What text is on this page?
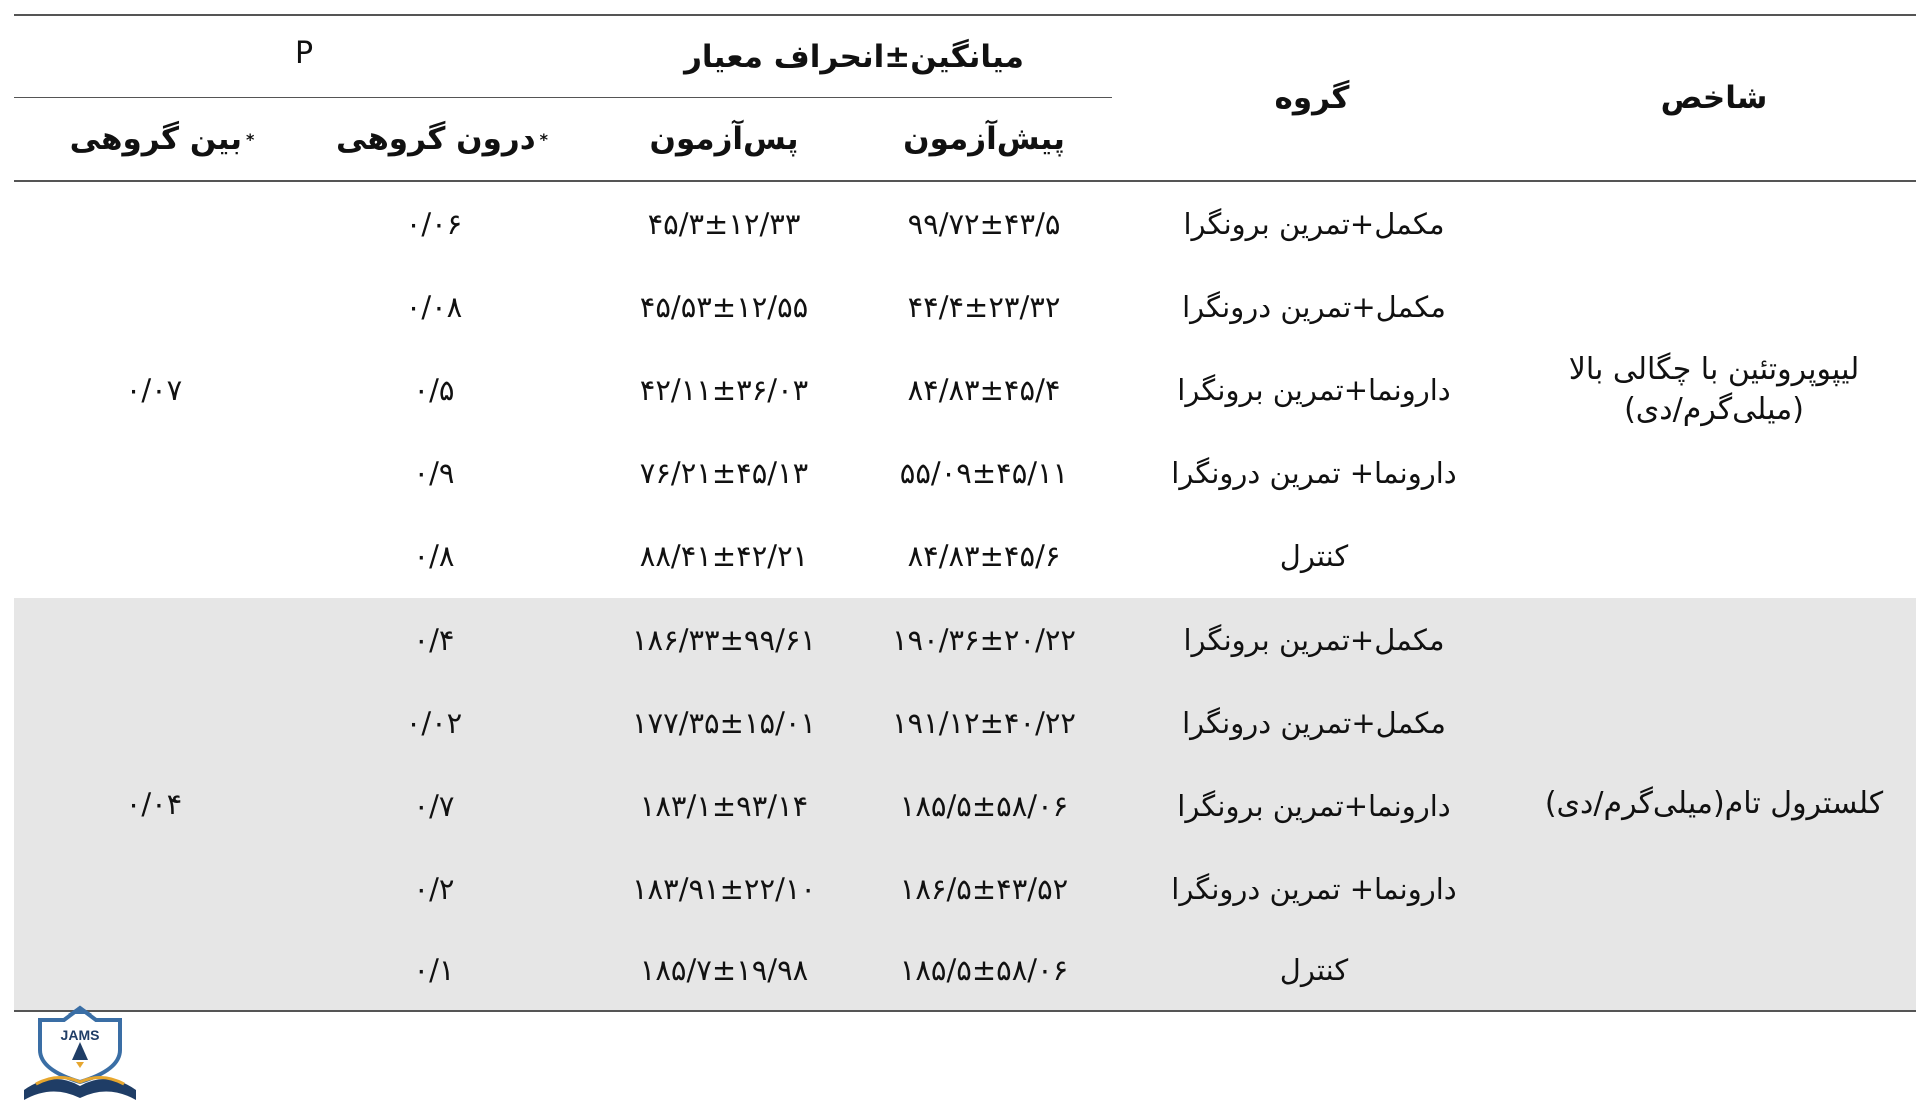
شاخص
گروه
میانگین±انحراف معیار
P
پیش‌آزمون
پس‌آزمون
درون گروهی *
بین گروهی *
لیپوپروتئین با چگالی بالا (میلی‌گرم/دی)
۰/۰۷
مکمل+تمرین برونگرا
۹۹/۷۲±۴۳/۵
۴۵/۳±۱۲/۳۳
۰/۰۶
مکمل+تمرین درونگرا
۴۴/۴±۲۳/۳۲
۴۵/۵۳±۱۲/۵۵
۰/۰۸
دارونما+تمرین برونگرا
۸۴/۸۳±۴۵/۴
۴۲/۱۱±۳۶/۰۳
۰/۵
دارونما+ تمرین درونگرا
۵۵/۰۹±۴۵/۱۱
۷۶/۲۱±۴۵/۱۳
۰/۹
کنترل
۸۴/۸۳±۴۵/۶
۸۸/۴۱±۴۲/۲۱
۰/۸
کلسترول تام(میلی‌گرم/دی)
۰/۰۴
مکمل+تمرین برونگرا
۱۹۰/۳۶±۲۰/۲۲
۱۸۶/۳۳±۹۹/۶۱
۰/۴
مکمل+تمرین درونگرا
۱۹۱/۱۲±۴۰/۲۲
۱۷۷/۳۵±۱۵/۰۱
۰/۰۲
دارونما+تمرین برونگرا
۱۸۵/۵±۵۸/۰۶
۱۸۳/۱±۹۳/۱۴
۰/۷
دارونما+ تمرین درونگرا
۱۸۶/۵±۴۳/۵۲
۱۸۳/۹۱±۲۲/۱۰
۰/۲
کنترل
۱۸۵/۵±۵۸/۰۶
۱۸۵/۷±۱۹/۹۸
۰/۱
JAMS
